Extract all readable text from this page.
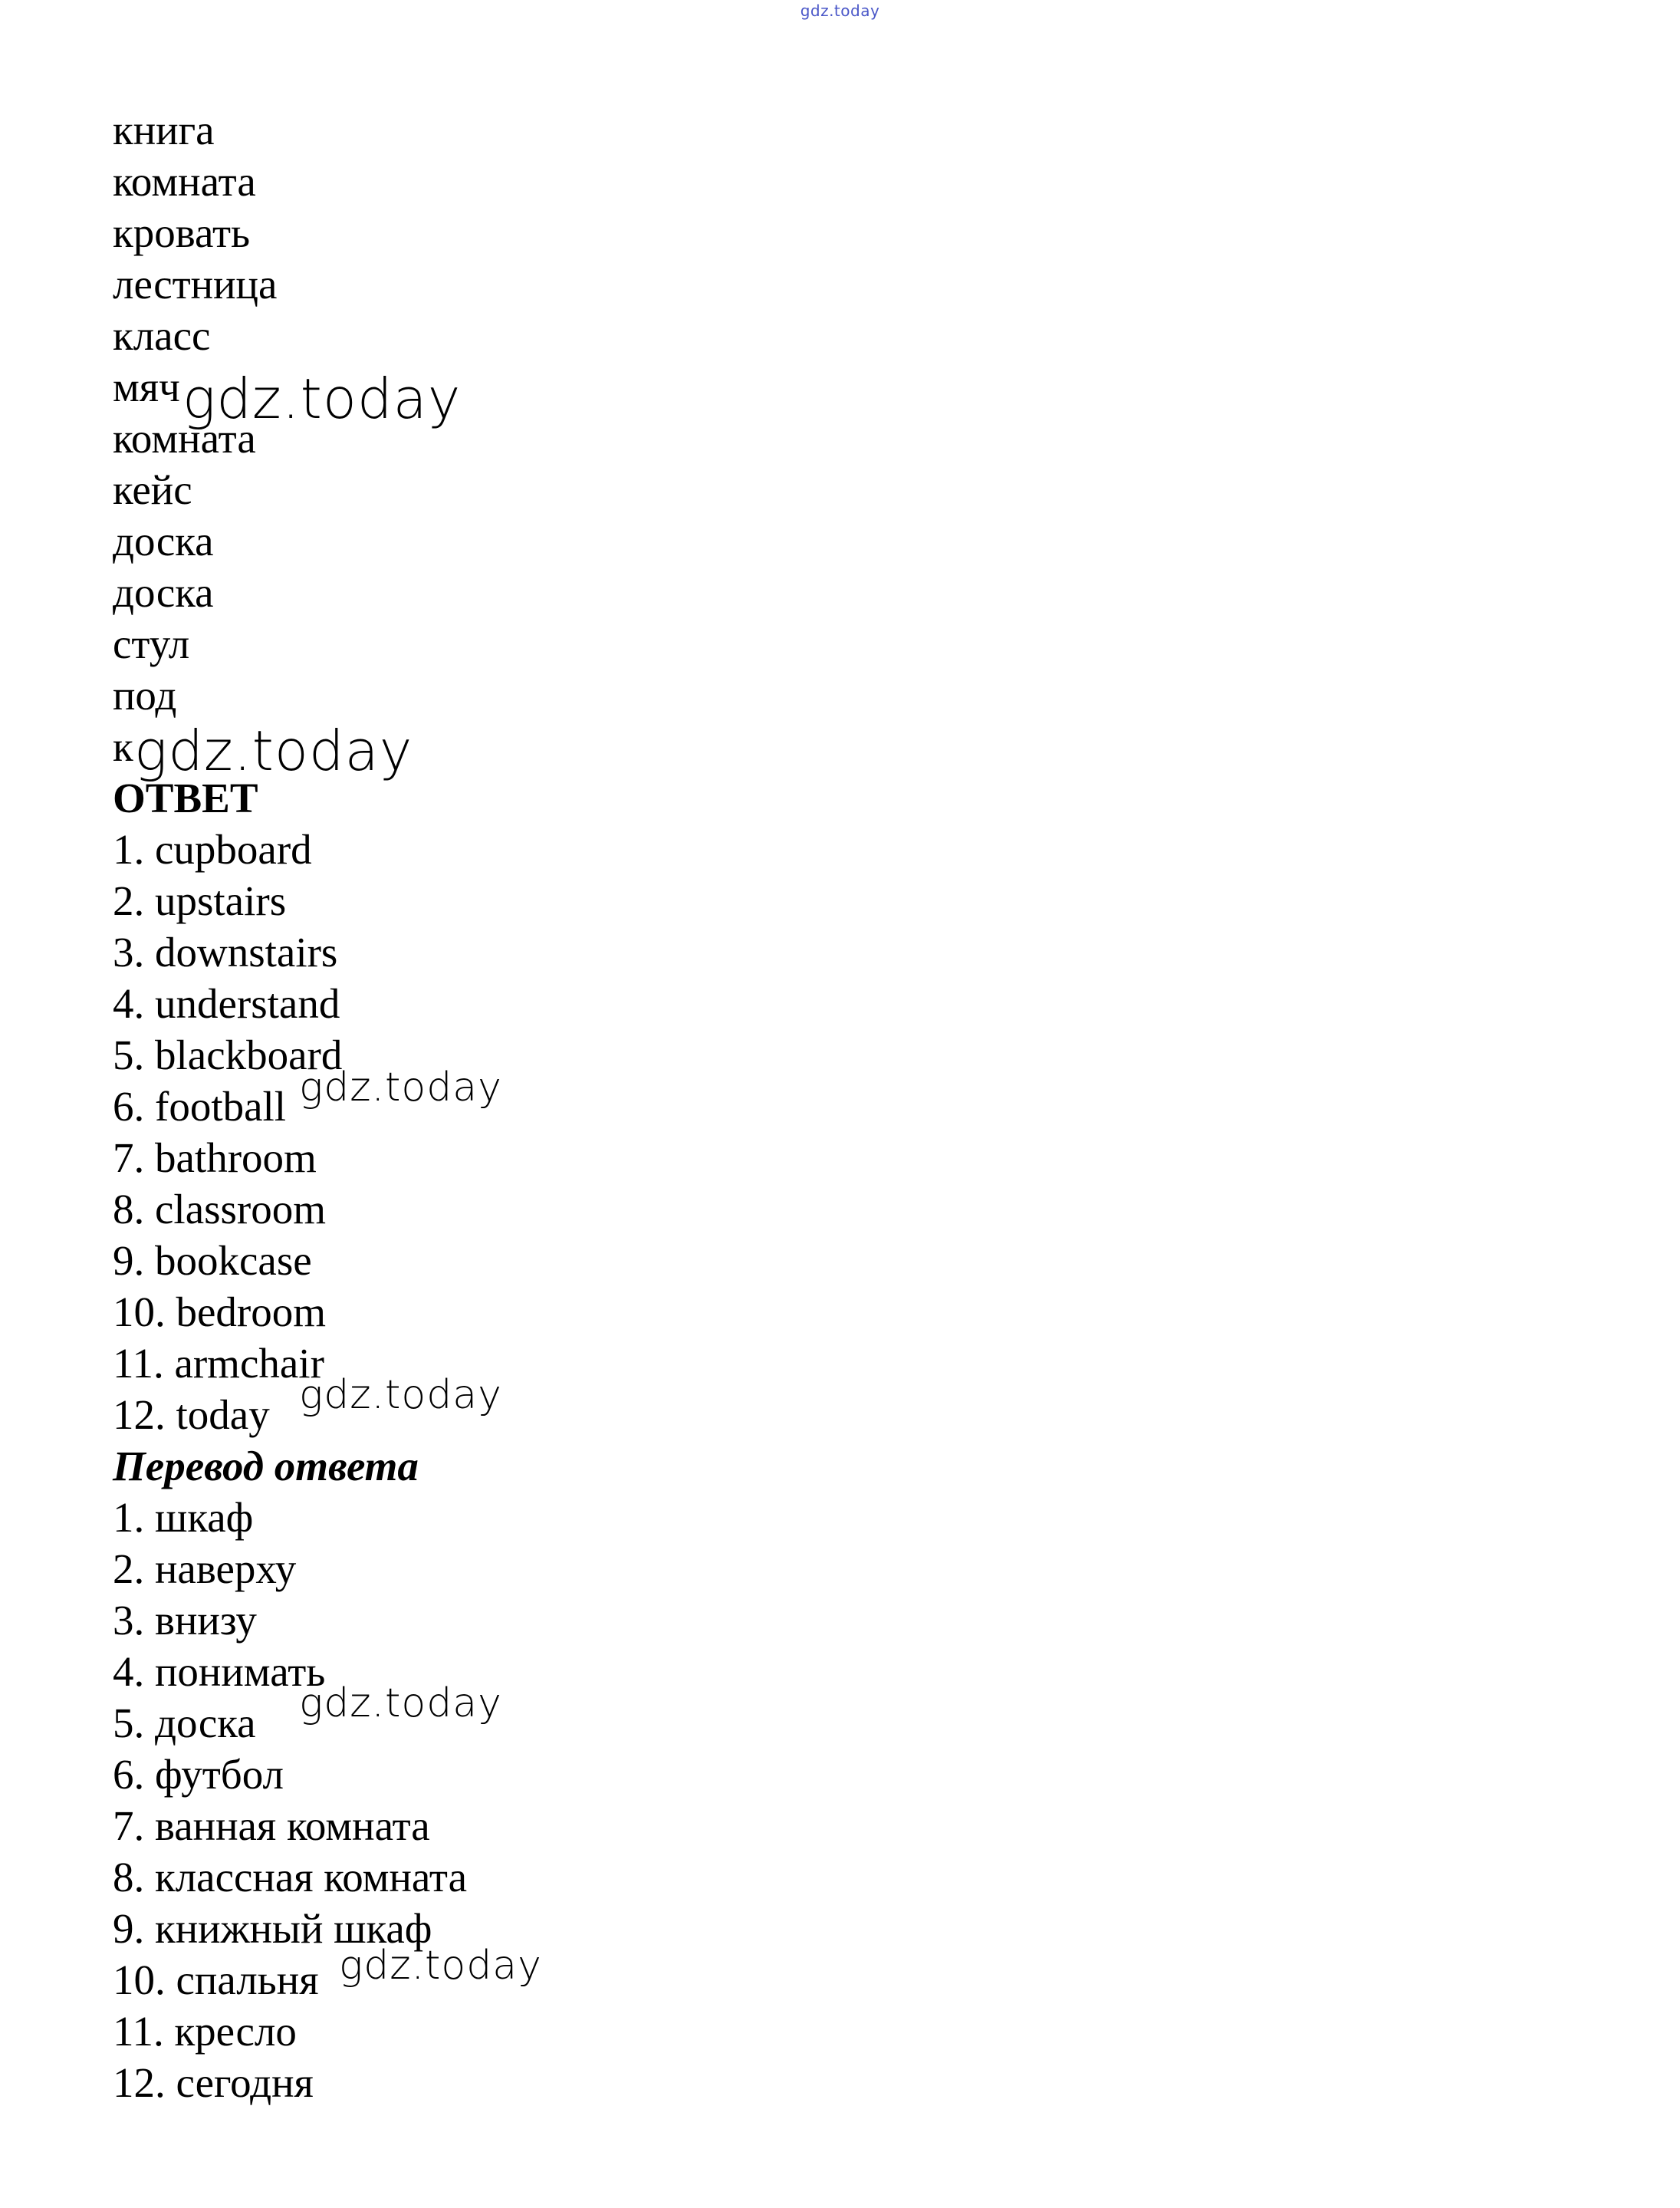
gdz.today
книга
комната
кровать
лестница
класс
мяч
комната
кейс
доска
доска
стул
под
к
ОТВЕТ
1. cupboard
2. upstairs
3. downstairs
4. understand
5. blackboard
6. football
7. bathroom
8. classroom
9. bookcase
10. bedroom
11. armchair
12. today
Перевод ответа
1. шкаф
2. наверху
3. внизу
4. понимать
5. доска
6. футбол
7. ванная комната
8. классная комната
9. книжный шкаф
10. спальня
11. кресло
12. сегодня
gdz.today
gdz.today
gdz.today
gdz.today
gdz.today
gdz.today
